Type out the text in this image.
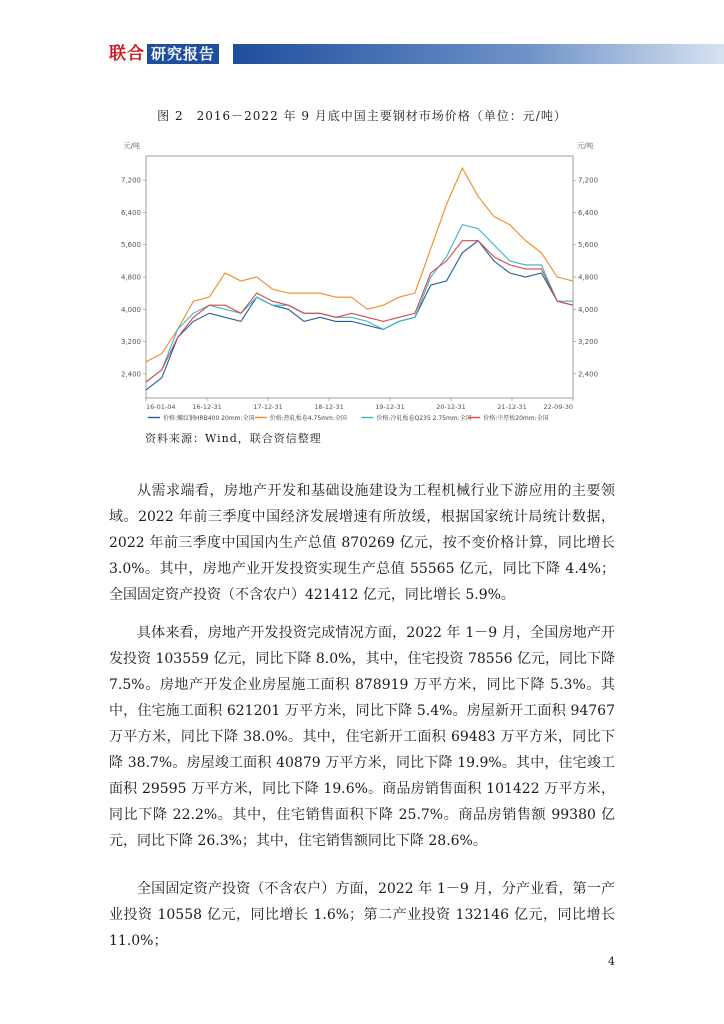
联合 研究报告
图 2　2016－2022 年 9 月底中国主要钢材市场价格（单位：元/吨）
元/吨	元/吨
2,400	2,400
3,200	3,200
4,000	4,000
4,800	4,800
5,600	5,600
6,400	6,400
7,200	7,200
16-01-04	16-12-31	17-12-31	18-12-31	19-12-31	20-12-31	21-12-31	22-09-30
价格:螺纹钢HRB400 20mm:全国	价格:热轧板卷4.75mm:全国	价格:冷轧板卷Q235 2.75mm:全国 价格:中厚板20mm:全国
资料来源：Wind，联合资信整理
从需求端看，房地产开发和基础设施建设为工程机械行业下游应用的主要领域。2022 年前三季度中国经济发展增速有所放缓，根据国家统计局统计数据，2022 年前三季度中国国内生产总值 870269 亿元，按不变价格计算，同比增长 3.0%。其中，房地产业开发投资实现生产总值 55565 亿元，同比下降 4.4%；全国固定资产投资（不含农户）421412 亿元，同比增长 5.9%。
具体来看，房地产开发投资完成情况方面，2022 年 1－9 月，全国房地产开发投资 103559 亿元，同比下降 8.0%，其中，住宅投资 78556 亿元，同比下降 7.5%。房地产开发企业房屋施工面积 878919 万平方米，同比下降 5.3%。其中，住宅施工面积 621201 万平方米，同比下降 5.4%。房屋新开工面积 94767 万平方米，同比下降 38.0%。其中，住宅新开工面积 69483 万平方米，同比下降 38.7%。房屋竣工面积 40879 万平方米，同比下降 19.9%。其中，住宅竣工面积 29595 万平方米，同比下降 19.6%。商品房销售面积 101422 万平方米，同比下降 22.2%。其中，住宅销售面积下降 25.7%。商品房销售额 99380 亿元，同比下降 26.3%；其中，住宅销售额同比下降 28.6%。
全国固定资产投资（不含农户）方面，2022 年 1－9 月，分产业看，第一产业投资 10558 亿元，同比增长 1.6%；第二产业投资 132146 亿元，同比增长 11.0%；
4
